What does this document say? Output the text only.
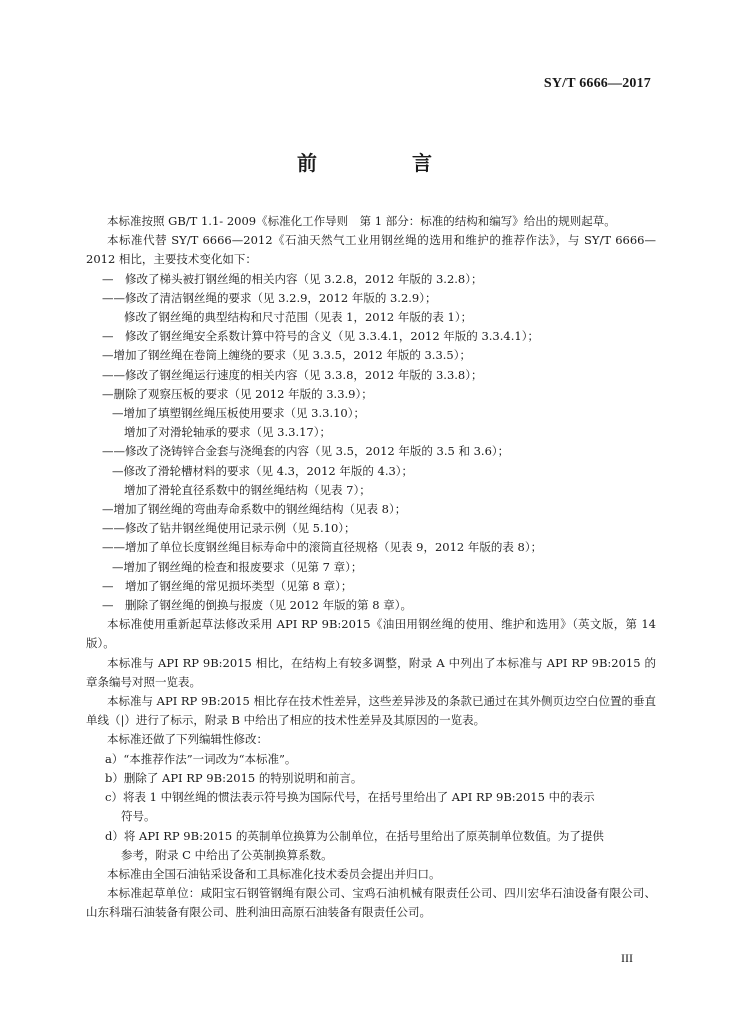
SY/T 6666—2017
前 言

本标准按照 GB/T 1.1- 2009《标准化工作导则　第 1 部分：标准的结构和编写》给出的规则起草。

本标准代替 SY/T 6666—2012《石油天然气工业用钢丝绳的选用和维护的推荐作法》，与 SY/T 6666—2012 相比，主要技术变化如下：

—　修改了梯头被打钢丝绳的相关内容（见 3.2.8，2012 年版的 3.2.8）；

——修改了清洁钢丝绳的要求（见 3.2.9，2012 年版的 3.2.9）；

修改了钢丝绳的典型结构和尺寸范围（见表 1，2012 年版的表 1）；

—　修改了钢丝绳安全系数计算中符号的含义（见 3.3.4.1，2012 年版的 3.3.4.1）；

—增加了钢丝绳在卷筒上缠绕的要求（见 3.3.5，2012 年版的 3.3.5）；

——修改了钢丝绳运行速度的相关内容（见 3.3.8，2012 年版的 3.3.8）；

—删除了观察压板的要求（见 2012 年版的 3.3.9）；

—增加了填塑钢丝绳压板使用要求（见 3.3.10）；

增加了对滑轮轴承的要求（见 3.3.17）；

——修改了浇铸锌合金套与浇绳套的内容（见 3.5，2012 年版的 3.5 和 3.6）；

—修改了滑轮槽材料的要求（见 4.3，2012 年版的 4.3）；

增加了滑轮直径系数中的钢丝绳结构（见表 7）；

—增加了钢丝绳的弯曲寿命系数中的钢丝绳结构（见表 8）；

——修改了钻井钢丝绳使用记录示例（见 5.10）；

——增加了单位长度钢丝绳目标寿命中的滚筒直径规格（见表 9，2012 年版的表 8）；

—增加了钢丝绳的检查和报废要求（见第 7 章）；

—　增加了钢丝绳的常见损坏类型（见第 8 章）；

—　删除了钢丝绳的倒换与报废（见 2012 年版的第 8 章）。

本标准使用重新起草法修改采用 API RP 9B:2015《油田用钢丝绳的使用、维护和选用》（英文版，第 14 版）。

本标准与 API RP 9B:2015 相比，在结构上有较多调整，附录 A 中列出了本标准与 API RP 9B:2015 的章条编号对照一览表。

本标准与 API RP 9B:2015 相比存在技术性差异，这些差异涉及的条款已通过在其外侧页边空白位置的垂直单线（|）进行了标示，附录 B 中给出了相应的技术性差异及其原因的一览表。

本标准还做了下列编辑性修改：

a）“本推荐作法”一词改为“本标准”。

b）删除了 API RP 9B:2015 的特别说明和前言。

c）将表 1 中钢丝绳的惯法表示符号换为国际代号，在括号里给出了 API RP 9B:2015 中的表示

符号。

d）将 API RP 9B:2015 的英制单位换算为公制单位，在括号里给出了原英制单位数值。为了提供

参考，附录 C 中给出了公英制换算系数。

本标准由全国石油钻采设备和工具标准化技术委员会提出并归口。

本标准起草单位：咸阳宝石钢管钢绳有限公司、宝鸡石油机械有限责任公司、四川宏华石油设备有限公司、山东科瑞石油装备有限公司、胜利油田高原石油装备有限责任公司。

III
